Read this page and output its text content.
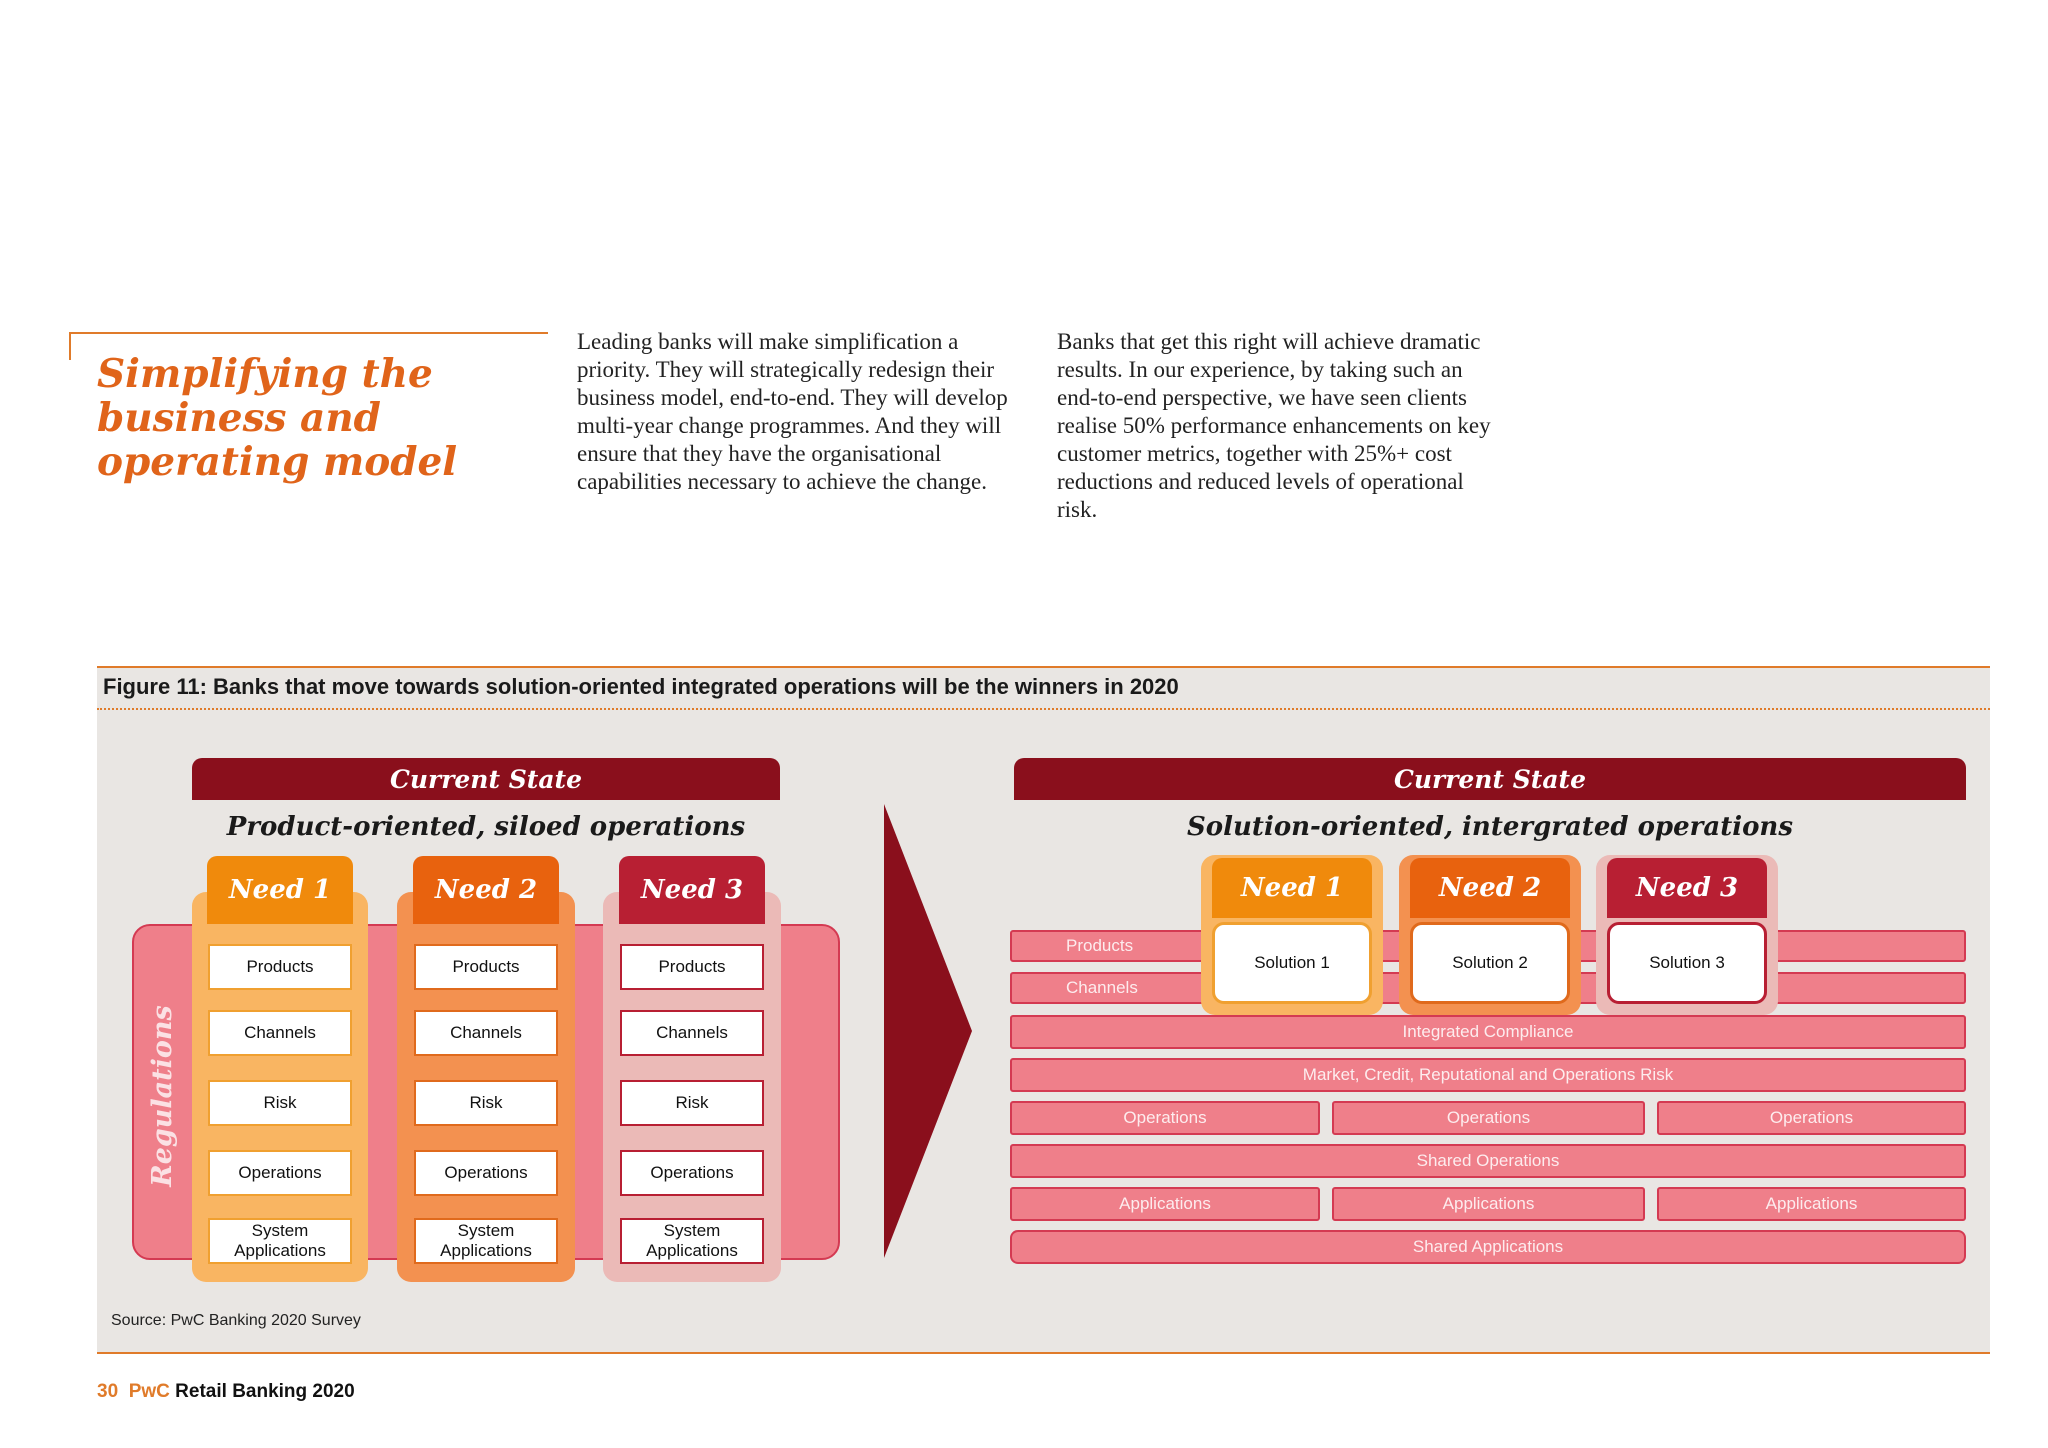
Simplifying the business and operating model
Leading banks will make simplification a priority. They will strategically redesign their business model, end-to-end. They will develop multi-year change programmes. And they will ensure that they have the organisational capabilities necessary to achieve the change.
Banks that get this right will achieve dramatic results. In our experience, by taking such an end-to-end perspective, we have seen clients realise 50% performance enhancements on key customer metrics, together with 25%+ cost reductions and reduced levels of operational risk.
Figure 11: Banks that move towards solution-oriented integrated operations will be the winners in 2020
Current State
Product-oriented, siloed operations
Regulations
Need 1
Products
Channels
Risk
Operations
System Applications
Need 2
Products
Channels
Risk
Operations
System Applications
Need 3
Products
Channels
Risk
Operations
System Applications
Current State
Solution-oriented, intergrated operations
Products
Channels
Integrated Compliance
Market, Credit, Reputational and Operations Risk
Operations	Operations	Operations
Shared Operations
Applications	Applications	Applications
Shared Applications
Need 1
Solution 1
Need 2
Solution 2
Need 3
Solution 3
Source: PwC Banking 2020 Survey
30 PwC Retail Banking 2020
